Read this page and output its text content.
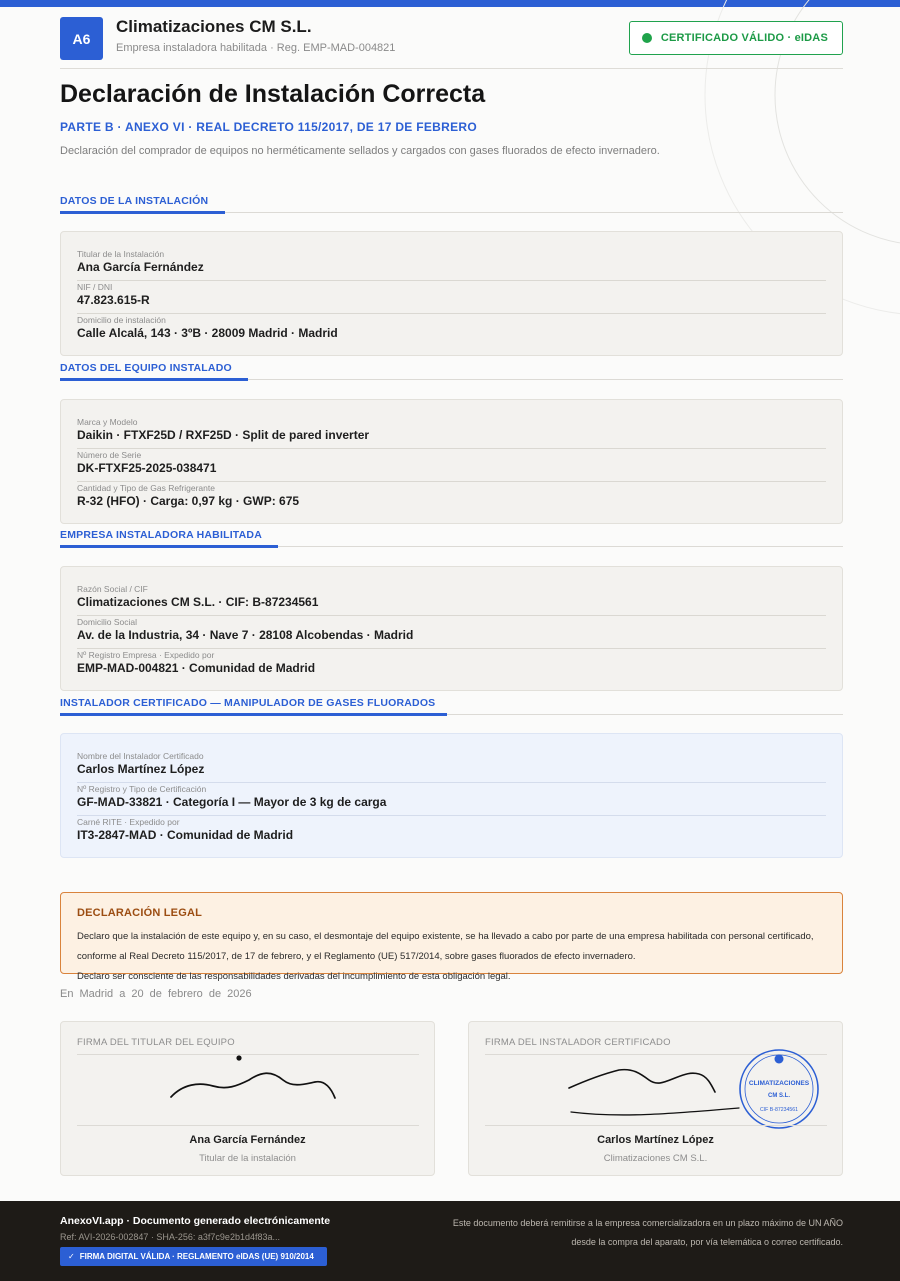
A6
Climatizaciones CM S.L.
Empresa instaladora habilitada · Reg. EMP-MAD-004821
CERTIFICADO VÁLIDO · eIDAS
Declaración de Instalación Correcta
PARTE B · ANEXO VI · REAL DECRETO 115/2017, DE 17 DE FEBRERO
Declaración del comprador de equipos no herméticamente sellados y cargados con gases fluorados de efecto invernadero.
DATOS DE LA INSTALACIÓN
Titular de la Instalación
Ana García Fernández
NIF / DNI
47.823.615-R
Domicilio de instalación
Calle Alcalá, 143 · 3ºB · 28009 Madrid · Madrid
DATOS DEL EQUIPO INSTALADO
Marca y Modelo
Daikin · FTXF25D / RXF25D · Split de pared inverter
Número de Serie
DK-FTXF25-2025-038471
Cantidad y Tipo de Gas Refrigerante
R-32 (HFO) · Carga: 0,97 kg · GWP: 675
EMPRESA INSTALADORA HABILITADA
Razón Social / CIF
Climatizaciones CM S.L. · CIF: B-87234561
Domicilio Social
Av. de la Industria, 34 · Nave 7 · 28108 Alcobendas · Madrid
Nº Registro Empresa · Expedido por
EMP-MAD-004821 · Comunidad de Madrid
INSTALADOR CERTIFICADO — MANIPULADOR DE GASES FLUORADOS
Nombre del Instalador Certificado
Carlos Martínez López
Nº Registro y Tipo de Certificación
GF-MAD-33821 · Categoría I — Mayor de 3 kg de carga
Carné RITE · Expedido por
IT3-2847-MAD · Comunidad de Madrid
DECLARACIÓN LEGAL
Declaro que la instalación de este equipo y, en su caso, el desmontaje del equipo existente, se ha llevado a cabo por parte de una empresa habilitada con personal certificado, conforme al Real Decreto 115/2017, de 17 de febrero, y el Reglamento (UE) 517/2014, sobre gases fluorados de efecto invernadero.
Declaro ser consciente de las responsabilidades derivadas del incumplimiento de esta obligación legal.
En Madrid a 20 de febrero de 2026
FIRMA DEL TITULAR DEL EQUIPO
Ana García Fernández
Titular de la instalación
FIRMA DEL INSTALADOR CERTIFICADO
CLIMATIZACIONES
CM S.L.
CIF B-87234561
Carlos Martínez López
Climatizaciones CM S.L.
AnexoVI.app · Documento generado electrónicamente
Ref: AVI-2026-002847 · SHA-256: a3f7c9e2b1d4f83a...
✓ FIRMA DIGITAL VÁLIDA · REGLAMENTO eIDAS (UE) 910/2014
Este documento deberá remitirse a la empresa comercializadora en un plazo máximo de UN AÑO
desde la compra del aparato, por vía telemática o correo certificado.
